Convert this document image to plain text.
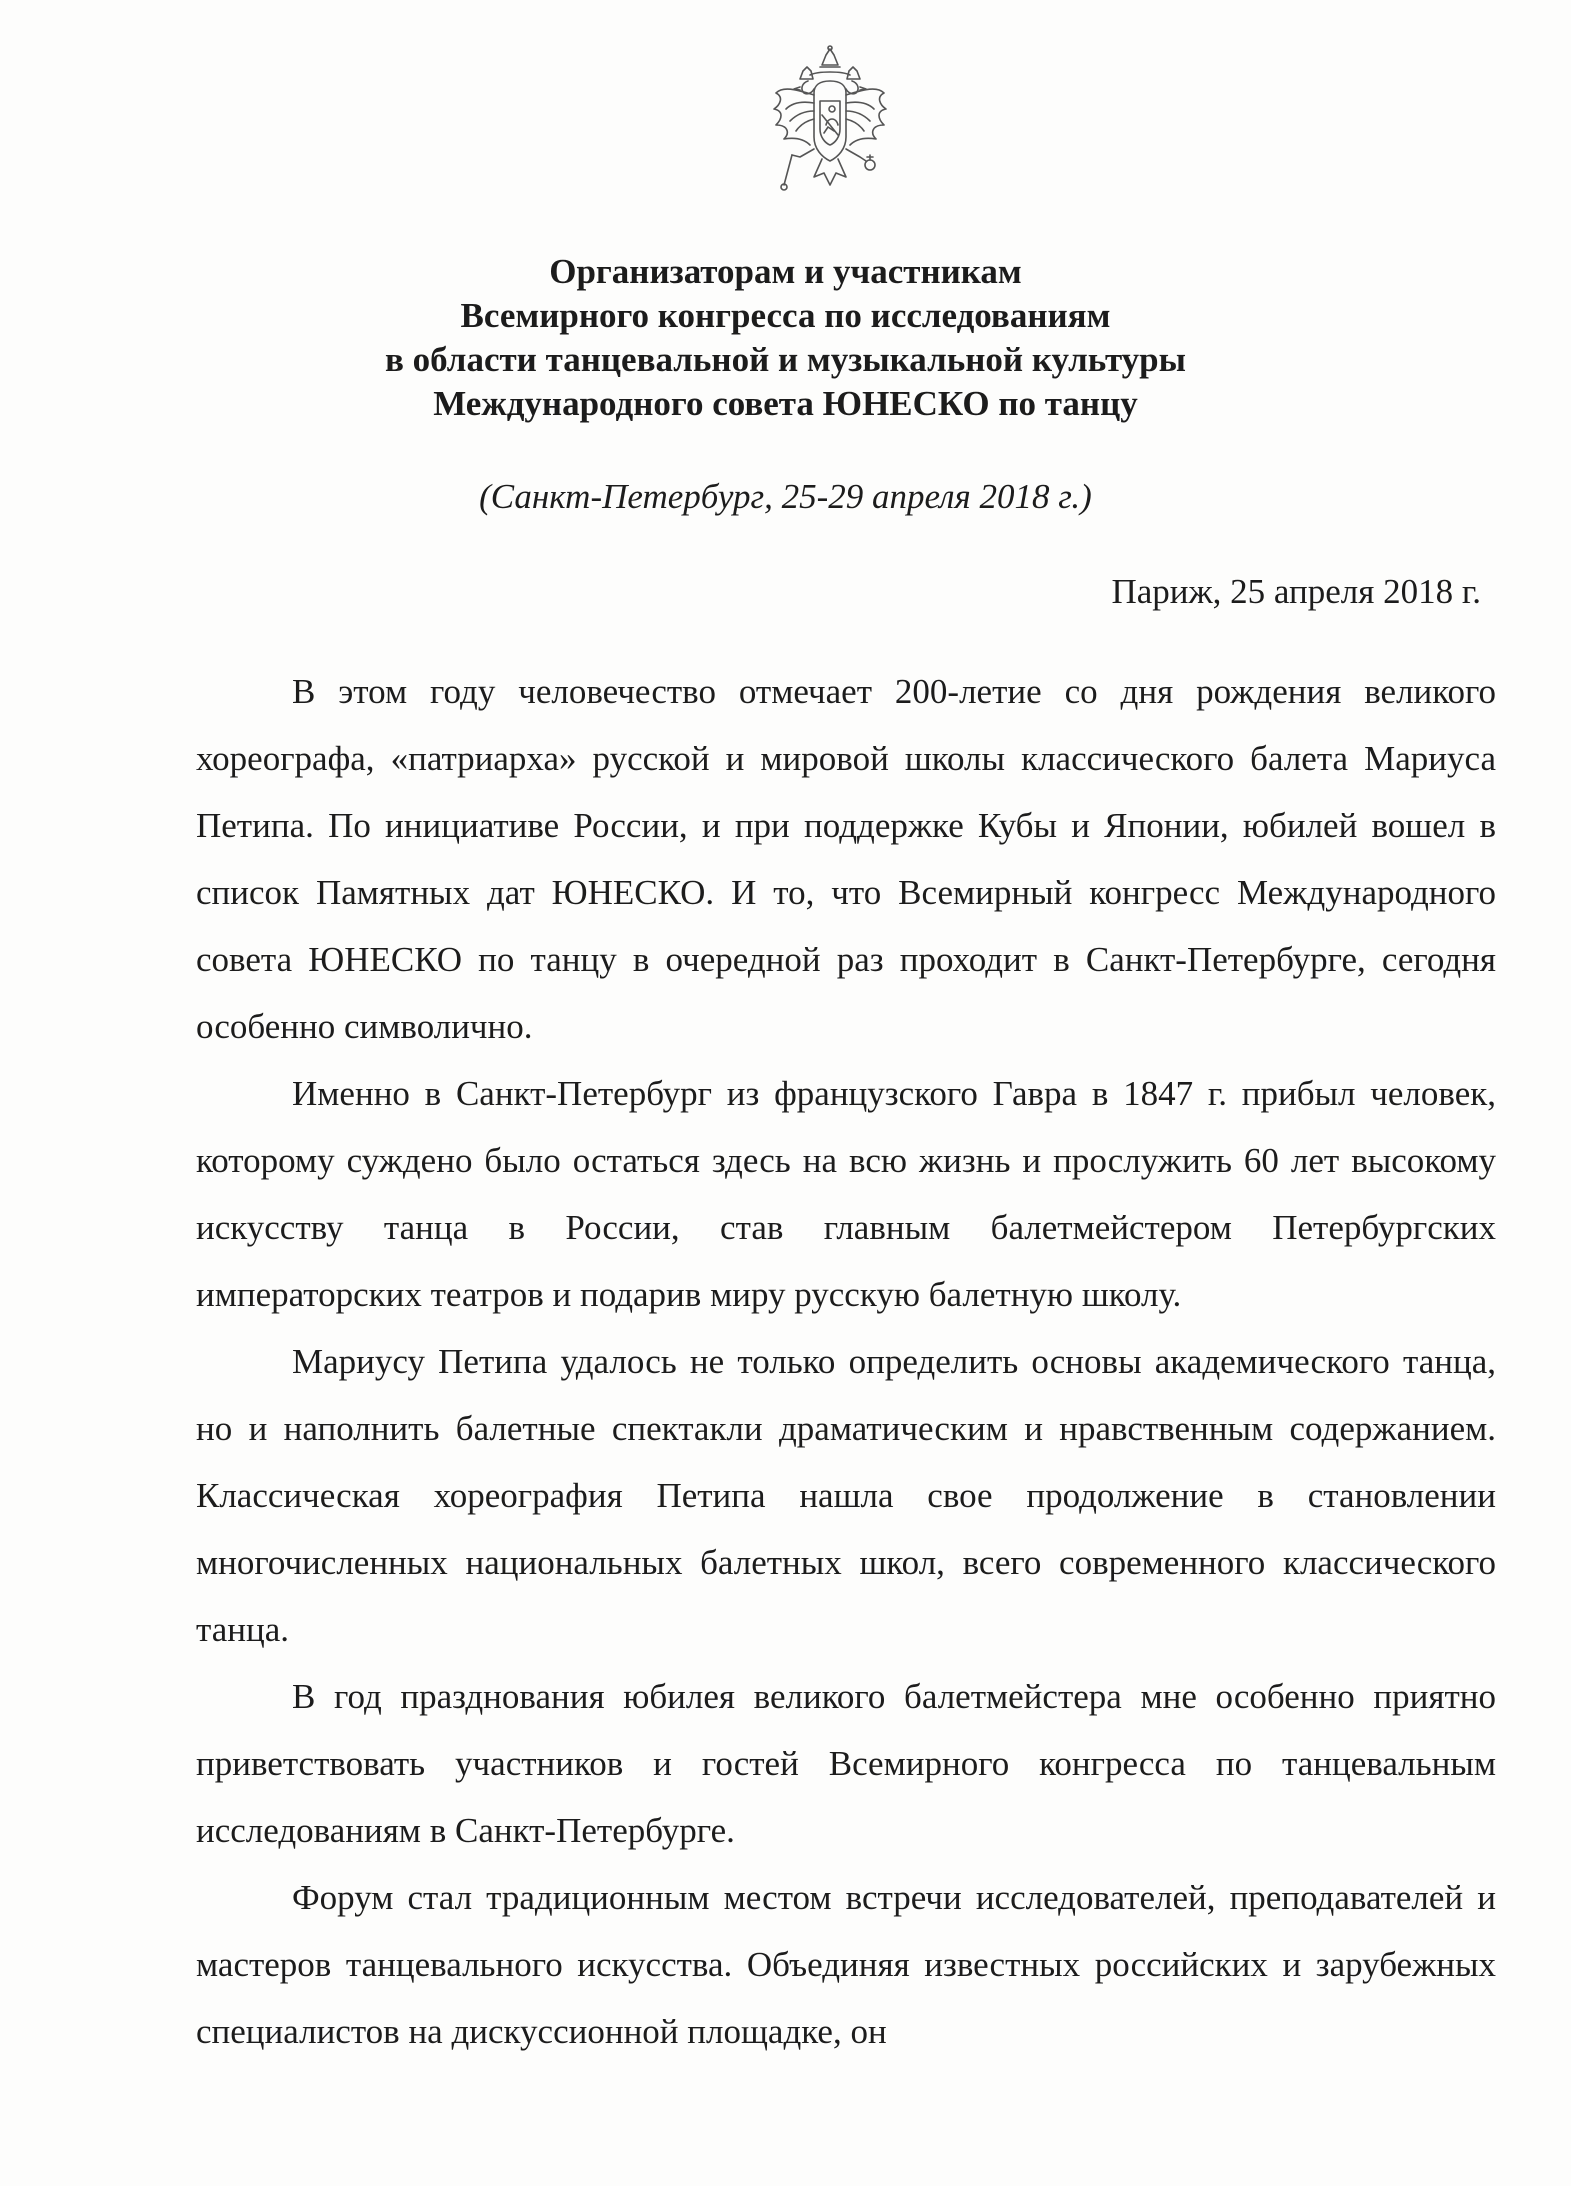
Организаторам и участникам
Всемирного конгресса по исследованиям
в области танцевальной и музыкальной культуры
Международного совета ЮНЕСКО по танцу
(Санкт-Петербург, 25-29 апреля 2018 г.)
Париж, 25 апреля 2018 г.

В этом году человечество отмечает 200-летие со дня рождения великого хореографа, «патриарха» русской и мировой школы классического балета Мариуса Петипа. По инициативе России, и при поддержке Кубы и Японии, юбилей вошел в список Памятных дат ЮНЕСКО. И то, что Всемирный конгресс Международного совета ЮНЕСКО по танцу в очередной раз проходит в Санкт-Петербурге, сегодня особенно символично.

Именно в Санкт-Петербург из французского Гавра в 1847 г. прибыл человек, которому суждено было остаться здесь на всю жизнь и прослужить 60 лет высокому искусству танца в России, став главным балетмейстером Петербургских императорских театров и подарив миру русскую балетную школу.

Мариусу Петипа удалось не только определить основы академического танца, но и наполнить балетные спектакли драматическим и нравственным содержанием. Классическая хореография Петипа нашла свое продолжение в становлении многочисленных национальных балетных школ, всего современного классического танца.

В год празднования юбилея великого балетмейстера мне особенно приятно приветствовать участников и гостей Всемирного конгресса по танцевальным исследованиям в Санкт-Петербурге.

Форум стал традиционным местом встречи исследователей, преподавателей и мастеров танцевального искусства. Объединяя известных российских и зарубежных специалистов на дискуссионной площадке, он
